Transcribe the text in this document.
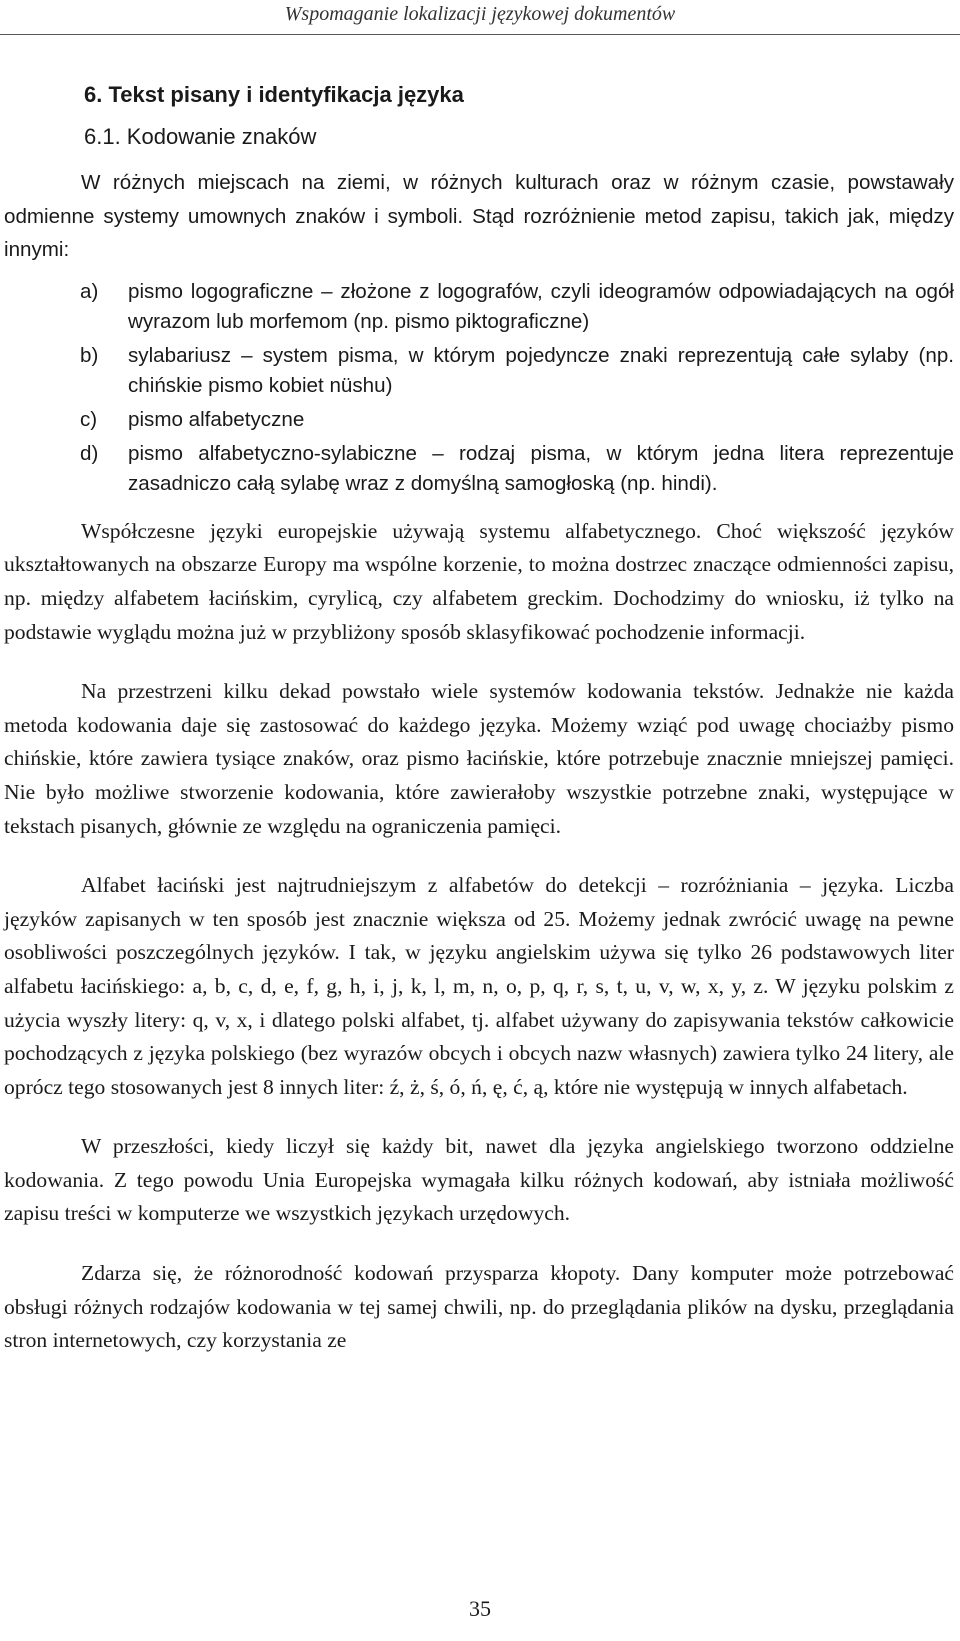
Wspomaganie lokalizacji językowej dokumentów
6. Tekst pisany i identyfikacja języka
6.1. Kodowanie znaków

W różnych miejscach na ziemi, w różnych kulturach oraz w różnym czasie, powstawały odmienne systemy umownych znaków i symboli. Stąd rozróżnienie metod zapisu, takich jak, między innymi:

a) pismo logograficzne – złożone z logografów, czyli ideogramów odpowiadających na ogół wyrazom lub morfemom (np. pismo piktograficzne)
b) sylabariusz – system pisma, w którym pojedyncze znaki reprezentują całe sylaby (np. chińskie pismo kobiet nüshu)
c) pismo alfabetyczne
d) pismo alfabetyczno-sylabiczne – rodzaj pisma, w którym jedna litera reprezentuje zasadniczo całą sylabę wraz z domyślną samogłoską (np. hindi).

Współczesne języki europejskie używają systemu alfabetycznego. Choć większość języków ukształtowanych na obszarze Europy ma wspólne korzenie, to można dostrzec znaczące odmienności zapisu, np. między alfabetem łacińskim, cyrylicą, czy alfabetem greckim. Dochodzimy do wniosku, iż tylko na podstawie wyglądu można już w przybliżony sposób sklasyfikować pochodzenie informacji.

Na przestrzeni kilku dekad powstało wiele systemów kodowania tekstów. Jednakże nie każda metoda kodowania daje się zastosować do każdego języka. Możemy wziąć pod uwagę chociażby pismo chińskie, które zawiera tysiące znaków, oraz pismo łacińskie, które potrzebuje znacznie mniejszej pamięci. Nie było możliwe stworzenie kodowania, które zawierałoby wszystkie potrzebne znaki, występujące w tekstach pisanych, głównie ze względu na ograniczenia pamięci.

Alfabet łaciński jest najtrudniejszym z alfabetów do detekcji – rozróżniania – języka. Liczba języków zapisanych w ten sposób jest znacznie większa od 25. Możemy jednak zwrócić uwagę na pewne osobliwości poszczególnych języków. I tak, w języku angielskim używa się tylko 26 podstawowych liter alfabetu łacińskiego: a, b, c, d, e, f, g, h, i, j, k, l, m, n, o, p, q, r, s, t, u, v, w, x, y, z. W języku polskim z użycia wyszły litery: q, v, x, i dlatego polski alfabet, tj. alfabet używany do zapisywania tekstów całkowicie pochodzących z języka polskiego (bez wyrazów obcych i obcych nazw własnych) zawiera tylko 24 litery, ale oprócz tego stosowanych jest 8 innych liter: ź, ż, ś, ó, ń, ę, ć, ą, które nie występują w innych alfabetach.

W przeszłości, kiedy liczył się każdy bit, nawet dla języka angielskiego tworzono oddzielne kodowania. Z tego powodu Unia Europejska wymagała kilku różnych kodowań, aby istniała możliwość zapisu treści w komputerze we wszystkich językach urzędowych.

Zdarza się, że różnorodność kodowań przysparza kłopoty. Dany komputer może potrzebować obsługi różnych rodzajów kodowania w tej samej chwili, np. do przeglądania plików na dysku, przeglądania stron internetowych, czy korzystania ze

35
